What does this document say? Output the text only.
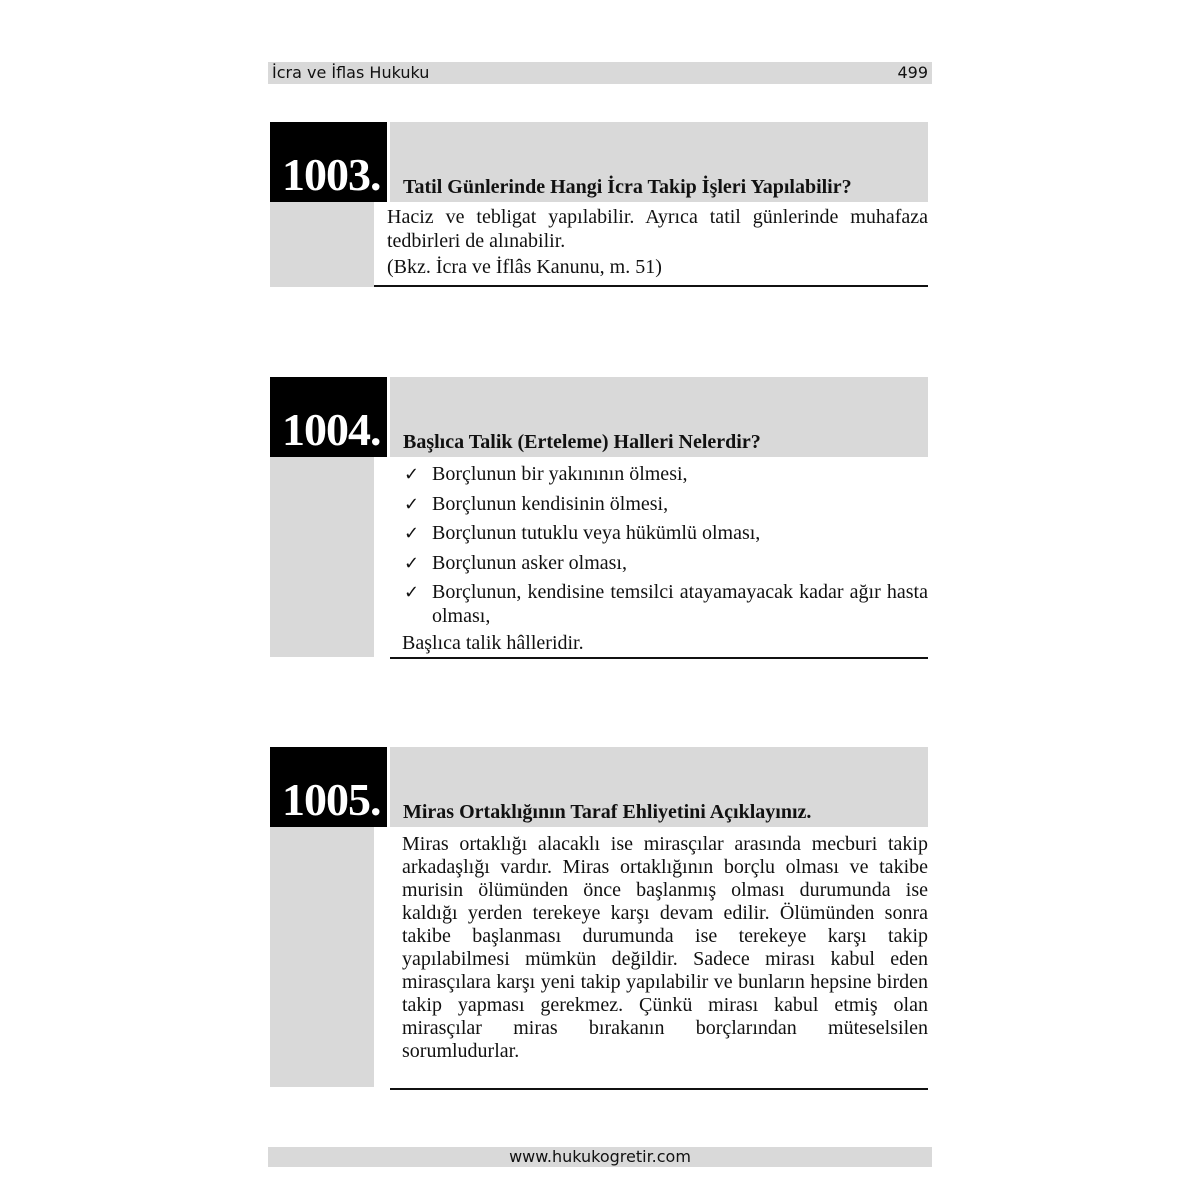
İcra ve İflas Hukuku	499
1003. Tatil Günlerinde Hangi İcra Takip İşleri Yapılabilir?
Haciz ve tebligat yapılabilir. Ayrıca tatil günlerinde muhafaza tedbirleri de alınabilir.
(Bkz. İcra ve İflâs Kanunu, m. 51)
1004. Başlıca Talik (Erteleme) Halleri Nelerdir?
✓ Borçlunun bir yakınının ölmesi,
✓ Borçlunun kendisinin ölmesi,
✓ Borçlunun tutuklu veya hükümlü olması,
✓ Borçlunun asker olması,
✓ Borçlunun, kendisine temsilci atayamayacak kadar ağır hasta olması,
Başlıca talik hâlleridir.
1005. Miras Ortaklığının Taraf Ehliyetini Açıklayınız.
Miras ortaklığı alacaklı ise mirasçılar arasında mecburi takip arkadaşlığı vardır. Miras ortaklığının borçlu olması ve takibe murisin ölümünden önce başlanmış olması durumunda ise kaldığı yerden terekeye karşı devam edilir. Ölümünden sonra takibe başlanması durumunda ise terekeye karşı takip yapılabilmesi mümkün değildir. Sadece mirası kabul eden mirasçılara karşı yeni takip yapılabilir ve bunların hepsine birden takip yapması gerekmez. Çünkü mirası kabul etmiş olan mirasçılar miras bırakanın borçlarından müteselsilen sorumludurlar.
www.hukukogretir.com
